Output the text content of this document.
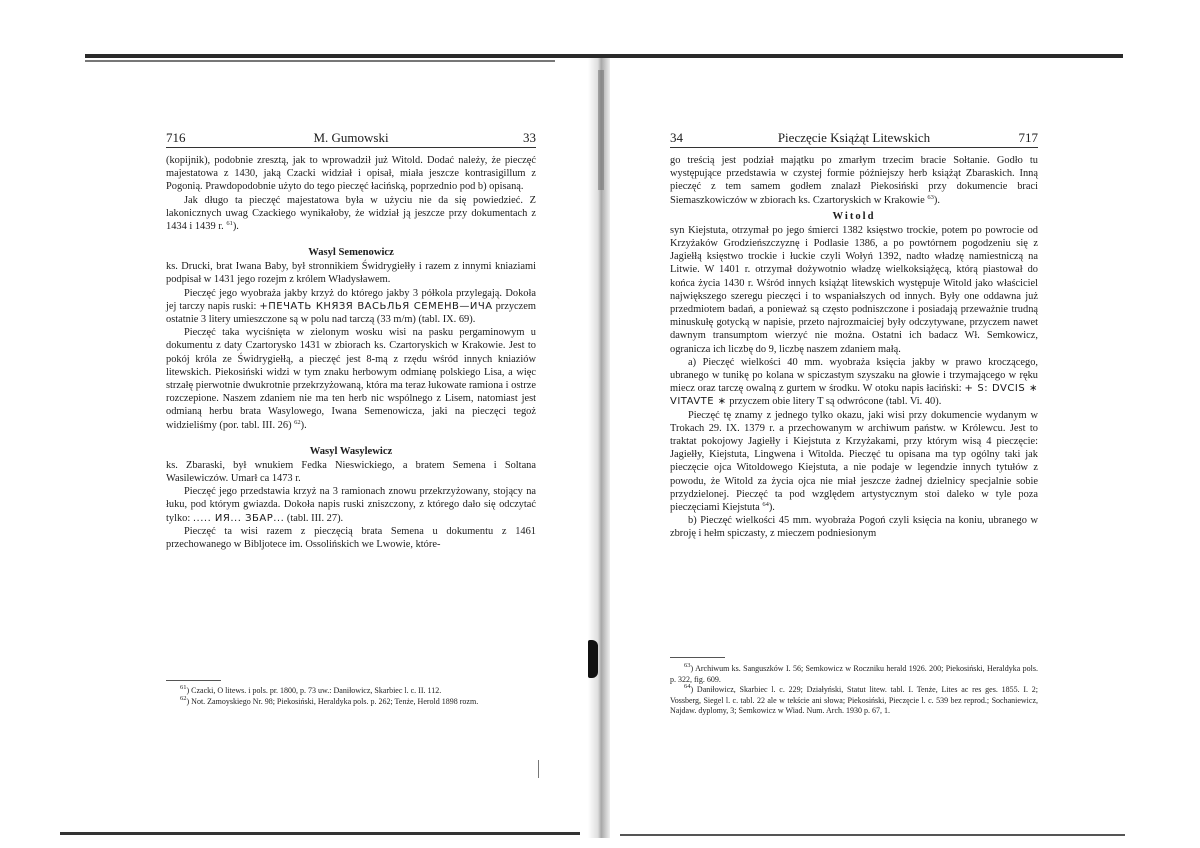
716	M. Gumowski	33

(kopijnik), podobnie zresztą, jak to wprowadził już Witold. Dodać należy, że pieczęć majestatowa z 1430, jaką Czacki widział i opisał, miała jeszcze kontrasigillum z Pogonią. Prawdopodobnie użyto do tego pieczęć łacińską, poprzednio pod b) opisaną.

Jak długo ta pieczęć majestatowa była w użyciu nie da się powiedzieć. Z lakonicznych uwag Czackiego wynikałoby, że widział ją jeszcze przy dokumentach z 1434 i 1439 r. $^{61}$).

Wasyl Semenowicz

ks. Drucki, brat Iwana Baby, był stronnikiem Świdrygiełły i razem z innymi kniaziami podpisał w 1431 jego rozejm z królem Władysławem.

Pieczęć jego wyobraża jakby krzyż do którego jakby 3 półkola przylegają. Dokoła jej tarczy napis ruski: +ПЕЧАТЬ КНЯЗЯ ВАСЬЛЬЯ СЕМЕНВ—ИЧА przyczem ostatnie 3 litery umieszczone są w polu nad tarczą (33 m/m) (tabl. IX. 69).

Pieczęć taka wyciśnięta w zielonym wosku wisi na pasku pergaminowym u dokumentu z daty Czartorysko 1431 w zbiorach ks. Czartoryskich w Krakowie. Jest to pokój króla ze Świdrygiełłą, a pieczęć jest 8-mą z rzędu wśród innych kniaziów litewskich. Piekosiński widzi w tym znaku herbowym odmianę polskiego Lisa, a więc strzałę pierwotnie dwukrotnie przekrzyżowaną, która ma teraz łukowate ramiona i ostrze rozczepione. Naszem zdaniem nie ma ten herb nic wspólnego z Lisem, natomiast jest odmianą herbu brata Wasylowego, Iwana Semenowicza, jaki na pieczęci tegoż widzieliśmy (por. tabl. III. 26) $^{62}$).

Wasyl Wasylewicz

ks. Zbaraski, był wnukiem Fedka Nieswickiego, a bratem Semena i Soltana Wasilewiczów. Umarł ca 1473 r.

Pieczęć jego przedstawia krzyż na 3 ramionach znowu przekrzyżowany, stojący na łuku, pod którym gwiazda. Dokoła napis ruski zniszczony, z którego dało się odczytać tylko: ..... ИЯ... ЗБАР... (tabl. III. 27).

Pieczęć ta wisi razem z pieczęcią brata Semena u dokumentu z 1461 przechowanego w Bibljotece im. Ossolińskich we Lwowie, które-

$^{61}$) Czacki, O litews. i pols. pr. 1800, p. 73 uw.: Daniłowicz, Skarbiec l. c. II. 112.

$^{62}$) Not. Zamoyskiego Nr. 98; Piekosiński, Heraldyka pols. p. 262; Tenże, Herold 1898 rozm.

34	Pieczęcie Książąt Litewskich	717

go treścią jest podział majątku po zmarłym trzecim bracie Sołtanie. Godło tu występujące przedstawia w czystej formie późniejszy herb książąt Zbaraskich. Inną pieczęć z tem samem godłem znalazł Piekosiński przy dokumencie braci Siemaszkowiczów w zbiorach ks. Czartoryskich w Krakowie $^{63}$).

Witold

syn Kiejstuta, otrzymał po jego śmierci 1382 księstwo trockie, potem po powrocie od Krzyżaków Grodzieńszczyznę i Podlasie 1386, a po powtórnem pogodzeniu się z Jagiełłą księstwo trockie i łuckie czyli Wołyń 1392, nadto władzę namiestniczą na Litwie. W 1401 r. otrzymał dożywotnio władzę wielkoksiążęcą, którą piastował do końca życia 1430 r. Wśród innych książąt litewskich występuje Witold jako właściciel największego szeregu pieczęci i to wspaniałszych od innych. Były one oddawna już przedmiotem badań, a ponieważ są często podniszczone i posiadają przeważnie trudną minuskułę gotycką w napisie, przeto najrozmaiciej były odczytywane, przyczem nawet dawnym transumptom wierzyć nie można. Ostatni ich badacz Wł. Semkowicz, ogranicza ich liczbę do 9, liczbę naszem zdaniem małą.

a) Pieczęć wielkości 40 mm. wyobraża księcia jakby w prawo kroczącego, ubranego w tunikę po kolana w spiczastym szyszaku na głowie i trzymającego w ręku miecz oraz tarczę owalną z gurtem w środku. W otoku napis łaciński: + S: DVCIS ∗ VITAVTE ∗ przyczem obie litery T są odwrócone (tabl. Vi. 40).

Pieczęć tę znamy z jednego tylko okazu, jaki wisi przy dokumencie wydanym w Trokach 29. IX. 1379 r. a przechowanym w archiwum państw. w Królewcu. Jest to traktat pokojowy Jagiełły i Kiejstuta z Krzyżakami, przy którym wisą 4 pieczęcie: Jagiełły, Kiejstuta, Lingwena i Witolda. Pieczęć tu opisana ma typ ogólny taki jak pieczęcie ojca Witoldowego Kiejstuta, a nie podaje w legendzie innych tytułów z powodu, że Witold za życia ojca nie miał jeszcze żadnej dzielnicy specjalnie sobie przydzielonej. Pieczęć ta pod względem artystycznym stoi daleko w tyle poza pieczęciami Kiejstuta $^{64}$).

b) Pieczęć wielkości 45 mm. wyobraża Pogoń czyli księcia na koniu, ubranego w zbroję i hełm spiczasty, z mieczem podniesionym

$^{63}$) Archiwum ks. Sanguszków I. 56; Semkowicz w Roczniku herald 1926. 200; Piekosiński, Heraldyka pols. p. 322, fig. 609.

$^{64}$) Daniłowicz, Skarbiec l. c. 229; Działyński, Statut litew. tabl. I. Tenże, Lites ac res ges. 1855. I. 2; Vossberg, Siegel l. c. tabl. 22 ale w tekście ani słowa; Piekosiński, Pieczęcie l. c. 539 bez reprod.; Sochaniewicz, Najdaw. dyplomy, 3; Semkowicz w Wiad. Num. Arch. 1930 p. 67, 1.
